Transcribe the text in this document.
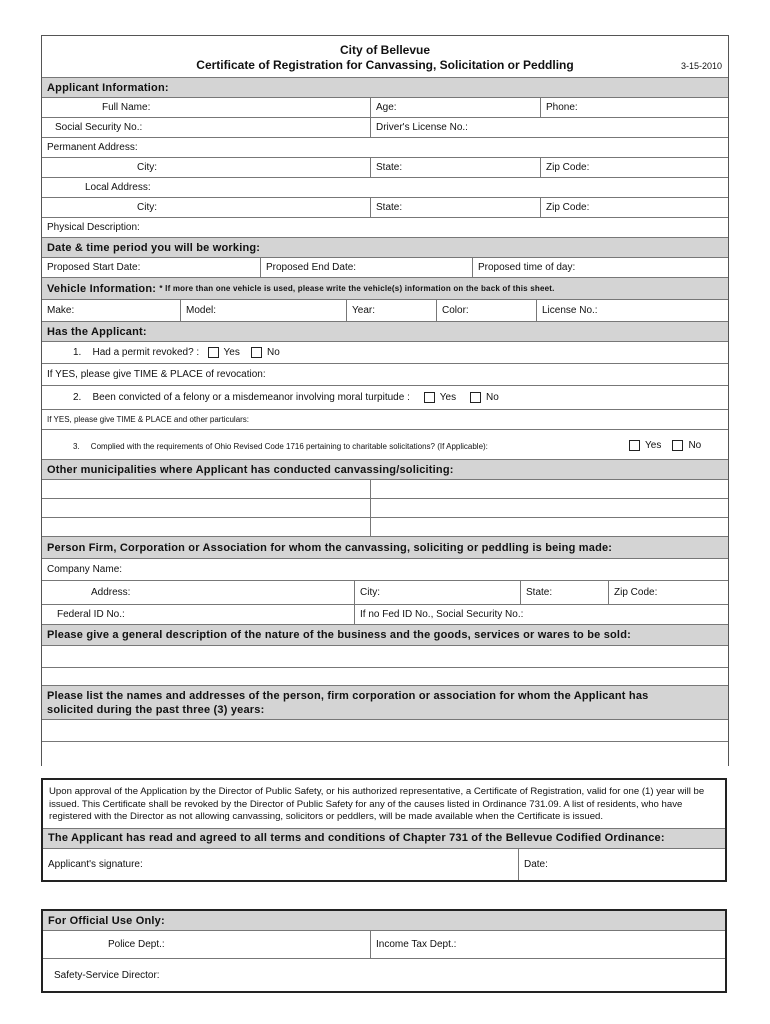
City of Bellevue
Certificate of Registration for Canvassing, Solicitation or Peddling	3-15-2010
Applicant Information:
Full Name:	Age:	Phone:
Social Security No.:	Driver's License No.:
Permanent Address:
City:	State:	Zip Code:
Local Address:
City:	State:	Zip Code:
Physical Description:
Date & time period you will be working:
Proposed Start Date:	Proposed End Date:	Proposed time of day:
Vehicle Information:
* If more than one vehicle is used, please write the vehicle(s) information on the back of this sheet.
Make:	Model:	Year:	Color:	License No.:
Has the Applicant:
1.
Had a permit revoked? :
Yes
	No
If YES, please give TIME & PLACE of revocation:
2.
Been convicted of a felony or a misdemeanor involving moral turpitude :
	Yes
	No
If YES, please give TIME & PLACE and other particulars:
3.
Complied with the requirements of Ohio Revised Code 1716 pertaining to charitable solicitations? (If Applicable):	Yes
	No
Other municipalities where Applicant has conducted canvassing/soliciting:
Person Firm, Corporation or Association for whom the canvassing, soliciting or peddling is being made:
Company Name:
Address:	City:	State:	Zip Code:
Federal ID No.:	If no Fed ID No., Social Security No.:
Please give a general description of the nature of the business and the goods, services or wares to be sold:
Please list the names and addresses of the person, firm corporation or association for whom the Applicant has
solicited during the past three (3) years:

Upon approval of the Application by the Director of Public Safety, or his authorized representative, a Certificate of Registration, valid for one (1) year will be issued. This Certificate shall be revoked by the Director of Public Safety for any of the causes listed in Ordinance 731.09. A list of residents, who have registered with the Director as not allowing canvassing, solicitors or peddlers, will be made available when the Certificate is issued.

The Applicant has read and agreed to all terms and conditions of Chapter 731 of the Bellevue Codified Ordinance:
Applicant's signature:	Date:
For Official Use Only:
Police Dept.:	Income Tax Dept.:
Safety-Service Director:
